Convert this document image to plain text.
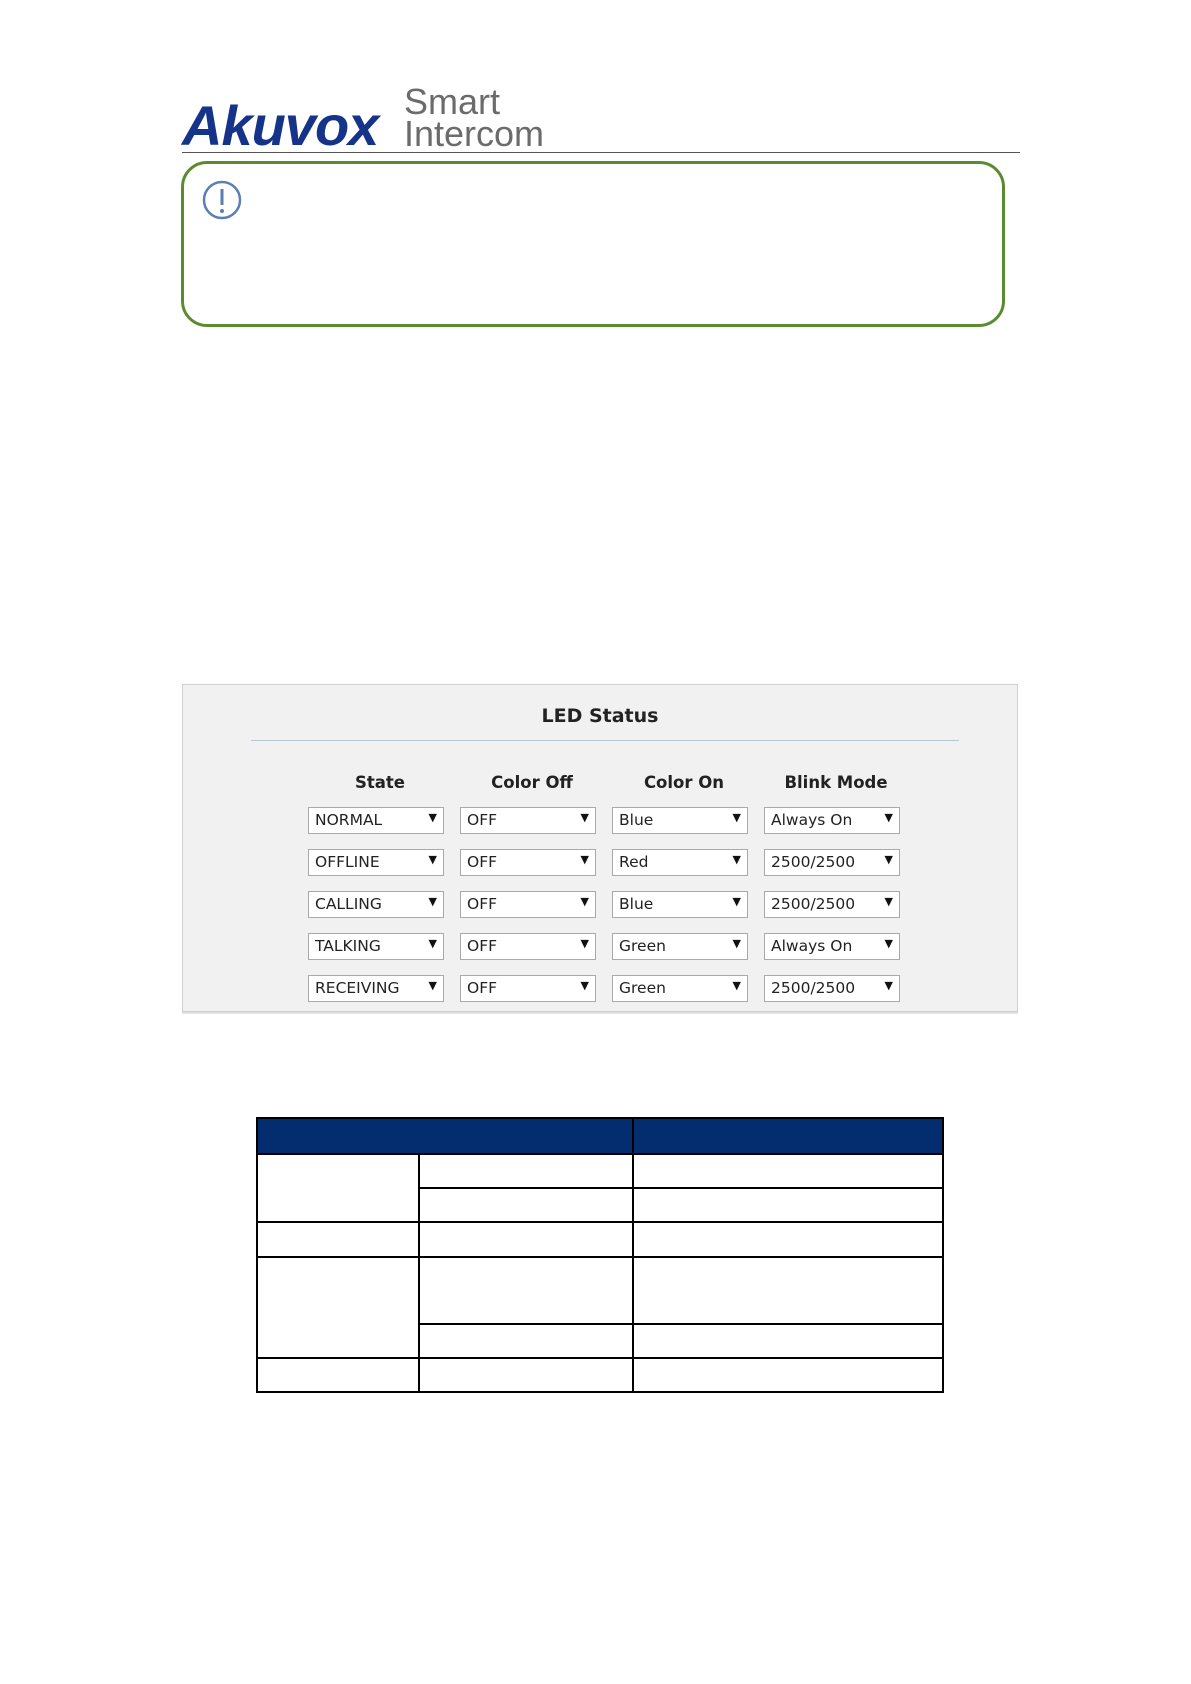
Akuvox Smart
Intercom
LED Status
State	Color Off	Color On	Blink Mode
NORMAL	▼ OFF	▼ Blue	▼ Always On	▼
OFFLINE	▼ OFF	▼ Red	▼ 2500/2500	▼
CALLING	▼ OFF	▼ Blue	▼ 2500/2500	▼
TALKING	▼ OFF	▼ Green	▼ Always On	▼
RECEIVING	▼ OFF	▼ Green	▼ 2500/2500	▼
